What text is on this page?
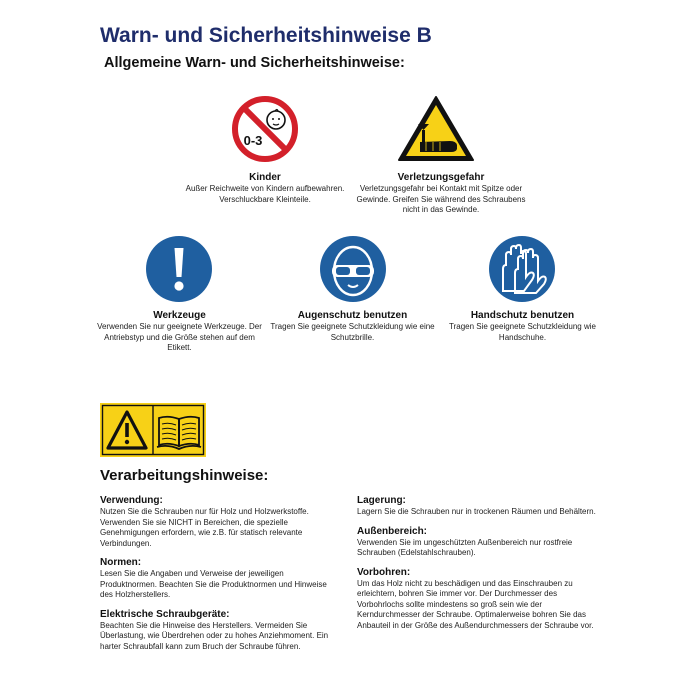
Warn- und Sicherheitshinweise B
Allgemeine Warn- und Sicherheitshinweise:
0-3
Kinder
Außer Reichweite von Kindern aufbewahren. Verschluckbare Kleinteile.
Verletzungsgefahr
Verletzungsgefahr bei Kontakt mit Spitze oder Gewinde. Greifen Sie während des Schraubens nicht in das Gewinde.
Werkzeuge
Verwenden Sie nur geeignete Werkzeuge. Der Antriebstyp und die Größe stehen auf dem Etikett.
Augenschutz benutzen
Tragen Sie geeignete Schutzkleidung wie eine Schutzbrille.
Handschutz benutzen
Tragen Sie geeignete Schutzkleidung wie Handschuhe.
Verarbeitungshinweise:
Verwendung:

Nutzen Sie die Schrauben nur für Holz und Holzwerkstoffe. Verwenden Sie sie NICHT in Bereichen, die spezielle Genehmigungen erfordern, wie z.B. für statisch relevante Verbindungen.

Normen:

Lesen Sie die Angaben und Verweise der jeweiligen Produktnormen. Beachten Sie die Produktnormen und Hinweise des Holzherstellers.

Elektrische Schraubgeräte:

Beachten Sie die Hinweise des Herstellers. Vermeiden Sie Überlastung, wie Überdrehen oder zu hohes Anziehmoment. Ein harter Schraubfall kann zum Bruch der Schraube führen.

Lagerung:

Lagern Sie die Schrauben nur in trockenen Räumen und Behältern.

Außenbereich:

Verwenden Sie im ungeschützten Außenbereich nur rostfreie Schrauben (Edelstahlschrauben).

Vorbohren:

Um das Holz nicht zu beschädigen und das Einschrauben zu erleichtern, bohren Sie immer vor. Der Durchmesser des Vorbohrlochs sollte mindestens so groß sein wie der Kerndurchmesser der Schraube. Optimalerweise bohren Sie das Anbauteil in der Größe des Außendurchmessers der Schraube vor.
